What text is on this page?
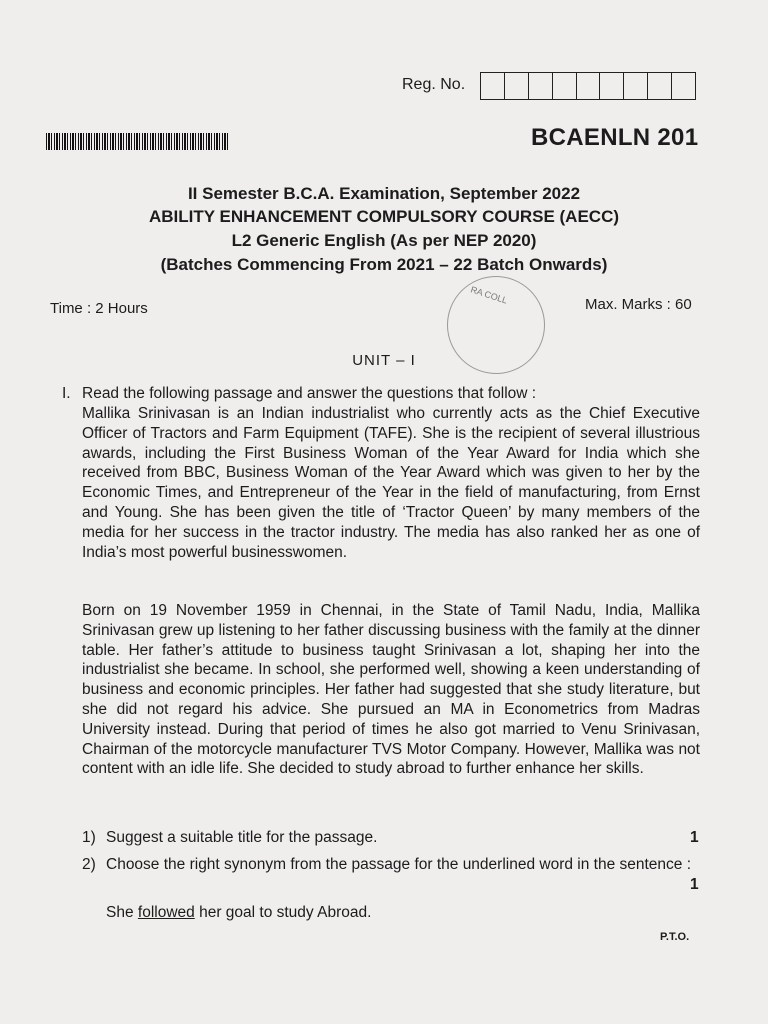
Reg. No.
BCAENLN 201
II Semester B.C.A. Examination, September 2022
ABILITY ENHANCEMENT COMPULSORY COURSE (AECC)
L2 Generic English (As per NEP 2020)
(Batches Commencing From 2021 – 22 Batch Onwards)
Time : 2 Hours
RA COLL	Max. Marks : 60
UNIT – I
I. Read the following passage and answer the questions that follow :

Mallika Srinivasan is an Indian industrialist who currently acts as the Chief Executive Officer of Tractors and Farm Equipment (TAFE). She is the recipient of several illustrious awards, including the First Business Woman of the Year Award for India which she received from BBC, Business Woman of the Year Award which was given to her by the Economic Times, and Entrepreneur of the Year in the field of manufacturing, from Ernst and Young. She has been given the title of ‘Tractor Queen’ by many members of the media for her success in the tractor industry. The media has also ranked her as one of India’s most powerful businesswomen.

Born on 19 November 1959 in Chennai, in the State of Tamil Nadu, India, Mallika Srinivasan grew up listening to her father discussing business with the family at the dinner table. Her father’s attitude to business taught Srinivasan a lot, shaping her into the industrialist she became. In school, she performed well, showing a keen understanding of business and economic principles. Her father had suggested that she study literature, but she did not regard his advice. She pursued an MA in Econometrics from Madras University instead. During that period of times he also got married to Venu Srinivasan, Chairman of the motorcycle manufacturer TVS Motor Company. However, Mallika was not content with an idle life. She decided to study abroad to further enhance her skills.

1) Suggest a suitable title for the passage.	1
2) Choose the right synonym from the passage for the underlined word in the sentence :
1
She followed her goal to study Abroad.
P.T.O.
